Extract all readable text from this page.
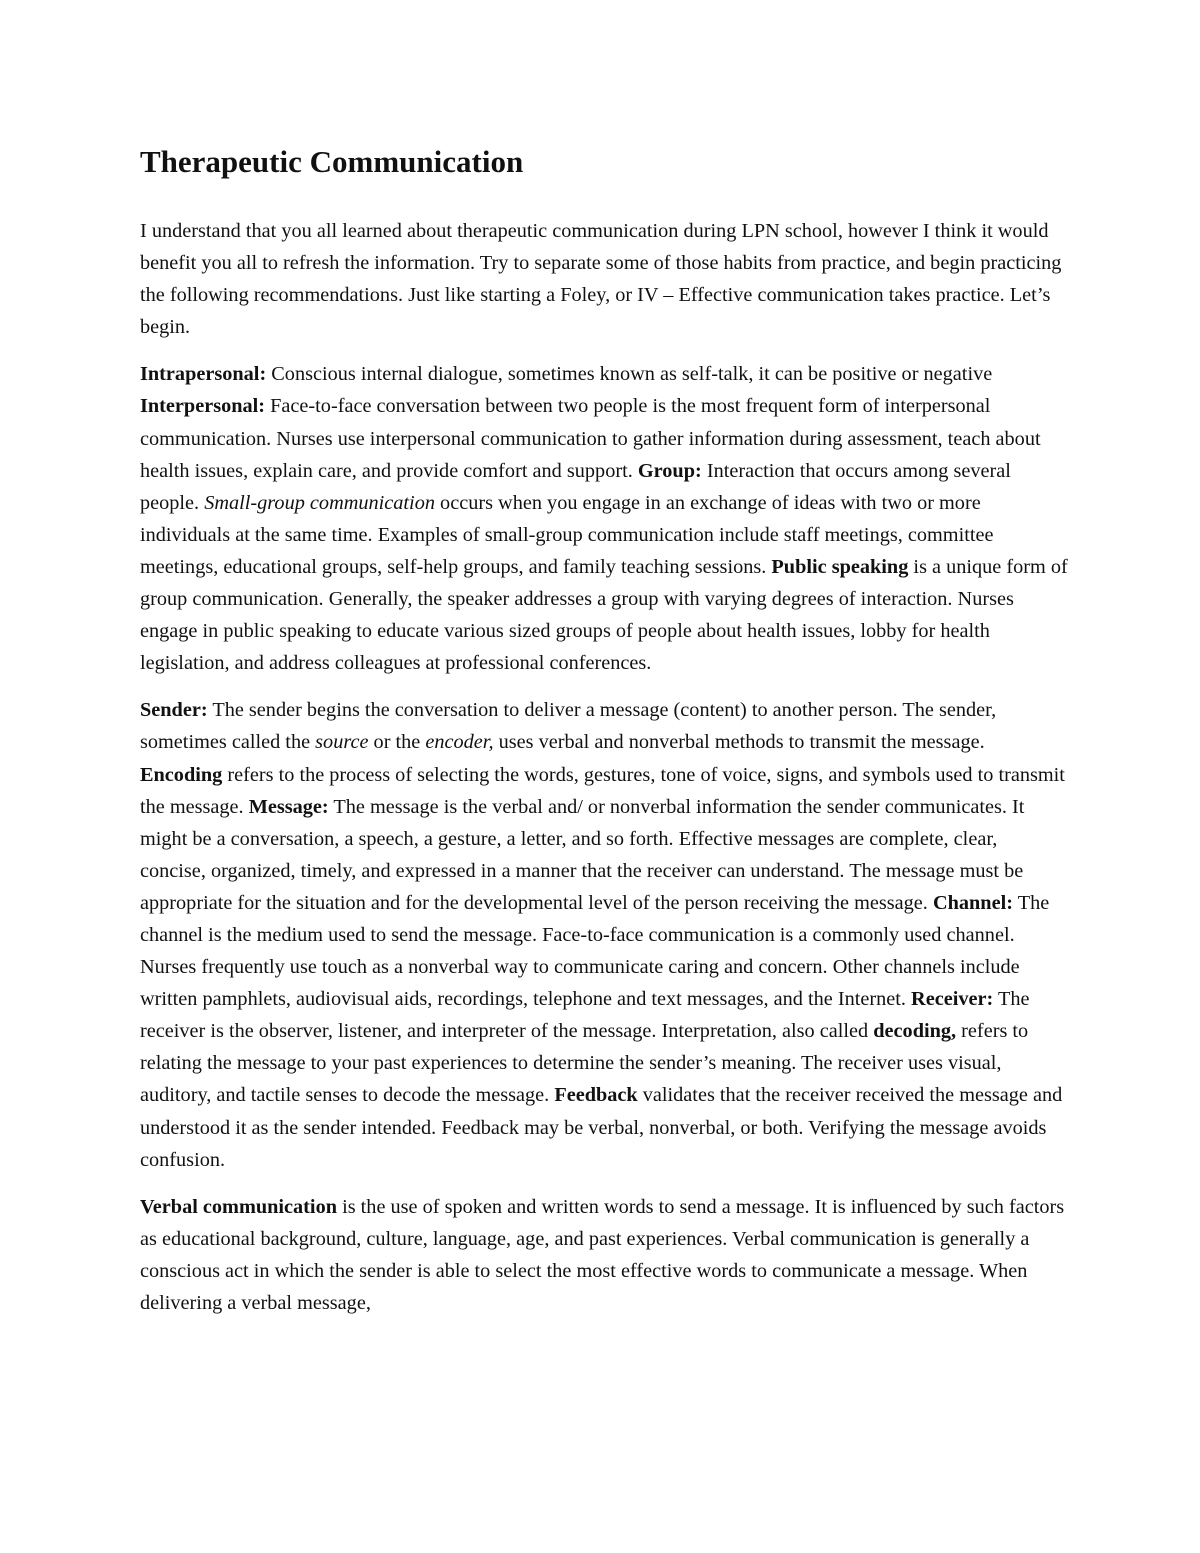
Therapeutic Communication

I understand that you all learned about therapeutic communication during LPN school, however I think it would benefit you all to refresh the information. Try to separate some of those habits from practice, and begin practicing the following recommendations. Just like starting a Foley, or IV – Effective communication takes practice. Let’s begin.

Intrapersonal: Conscious internal dialogue, sometimes known as self-talk, it can be positive or negative Interpersonal: Face-to-face conversation between two people is the most frequent form of interpersonal communication. Nurses use interpersonal communication to gather information during assessment, teach about health issues, explain care, and provide comfort and support. Group: Interaction that occurs among several people. Small-group communication occurs when you engage in an exchange of ideas with two or more individuals at the same time. Examples of small-group communication include staff meetings, committee meetings, educational groups, self-help groups, and family teaching sessions. Public speaking is a unique form of group communication. Generally, the speaker addresses a group with varying degrees of interaction. Nurses engage in public speaking to educate various sized groups of people about health issues, lobby for health legislation, and address colleagues at professional conferences.

Sender: The sender begins the conversation to deliver a message (content) to another person. The sender, sometimes called the source or the encoder, uses verbal and nonverbal methods to transmit the message. Encoding refers to the process of selecting the words, gestures, tone of voice, signs, and symbols used to transmit the message. Message: The message is the verbal and/ or nonverbal information the sender communicates. It might be a conversation, a speech, a gesture, a letter, and so forth. Effective messages are complete, clear, concise, organized, timely, and expressed in a manner that the receiver can understand. The message must be appropriate for the situation and for the developmental level of the person receiving the message. Channel: The channel is the medium used to send the message. Face-to-face communication is a commonly used channel. Nurses frequently use touch as a nonverbal way to communicate caring and concern. Other channels include written pamphlets, audiovisual aids, recordings, telephone and text messages, and the Internet. Receiver: The receiver is the observer, listener, and interpreter of the message. Interpretation, also called decoding, refers to relating the message to your past experiences to determine the sender’s meaning. The receiver uses visual, auditory, and tactile senses to decode the message. Feedback validates that the receiver received the message and understood it as the sender intended. Feedback may be verbal, nonverbal, or both. Verifying the message avoids confusion.

Verbal communication is the use of spoken and written words to send a message. It is influenced by such factors as educational background, culture, language, age, and past experiences. Verbal communication is generally a conscious act in which the sender is able to select the most effective words to communicate a message. When delivering a verbal message,
